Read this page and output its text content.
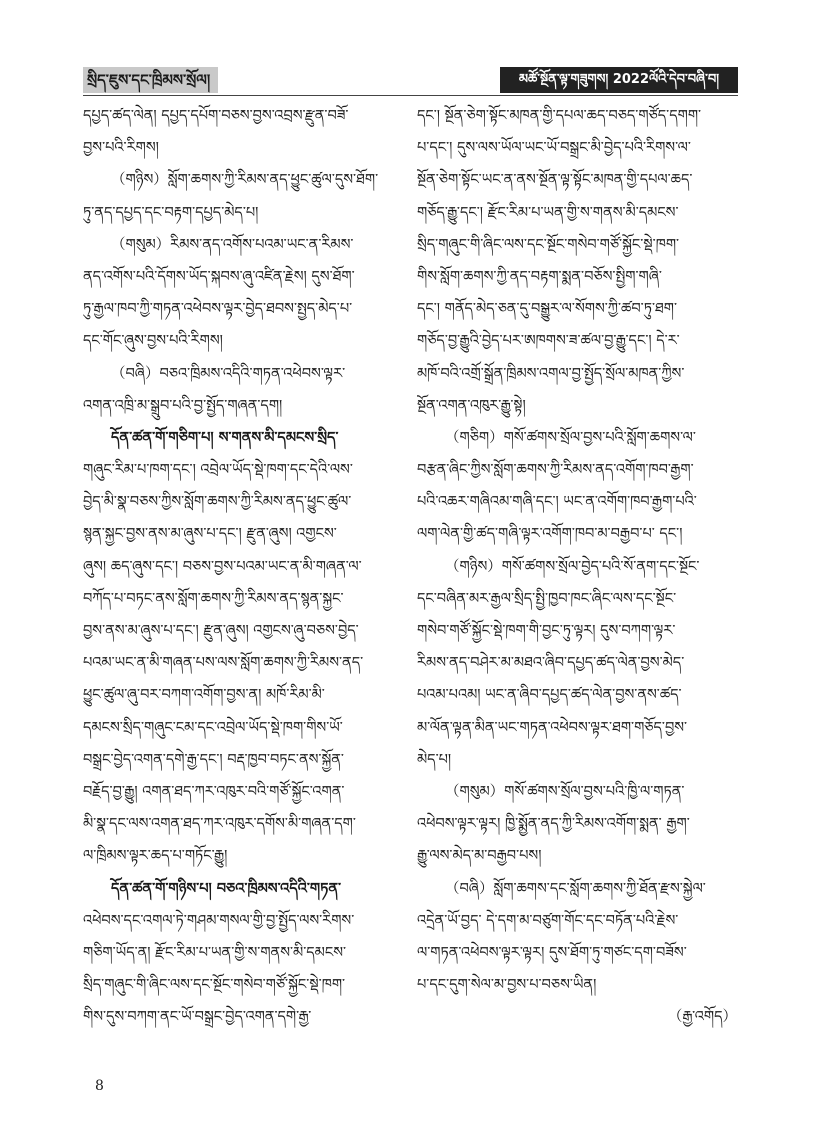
སྲིད་ཇུས་དང་ཁྲིམས་སྲོལ།	མཚོ་སྔོན་ལྟ་གཟུགས། 2022ལོའི་དེབ་བཞི་བ།
དཔྱད་ཚད་ལེན། དཔྱད་དཔོག་བཅས་བྱས་འབྲས་རྫུན་བཟོ་
བྱས་པའི་རིགས།
（གཉིས）སློག་ཆགས་ཀྱི་རིམས་ནད་ཕྱུང་ཚུལ་དུས་ཐོག་
ཏུ་ནད་དཔྱད་དང་བརྟག་དཔྱད་མེད་པ།
（གསུམ）རིམས་ནད་འགོས་པའམ་ཡང་ན་རིམས་
ནད་འགོས་པའི་དོགས་ཡོད་སྐབས་ཞུ་འཛིན་རྗེས། དུས་ཐོག་
ཏུ་རྒྱལ་ཁབ་ཀྱི་གཏན་འཕེབས་ལྟར་བྱེད་ཐབས་སྤྱད་མེད་པ་
དང་གོང་ཞུས་བྱས་པའི་རིགས།
（བཞི）བཅའ་ཁྲིམས་འདིའི་གཏན་འཕེབས་ལྟར་
འགན་འཁྲི་མ་སྒྲུབ་པའི་བྱ་སྤྱོད་གཞན་དག།
དོན་ཚན་གོ་གཅིག་པ། ས་གནས་མི་དམངས་སྲིད་
གཞུང་རིམ་པ་ཁག་དང་། འབྲེལ་ཡོད་སྡེ་ཁག་དང་དེའི་ལས་
བྱེད་མི་སྣ་བཅས་ཀྱིས་སློག་ཆགས་ཀྱི་རིམས་ནད་ཕྱུང་ཚུལ་
སྙན་སྐྱང་བྱས་ནས་མ་ཞུས་པ་དང་། རྫུན་ཞུས། འགྱངས་
ཞུས། ཆད་ཞུས་དང་། བཅས་བྱས་པའམ་ཡང་ན་མི་གཞན་ལ་
བཀོད་པ་བཏང་ནས་སློག་ཆགས་ཀྱི་རིམས་ནད་སྙན་སྐྱང་
བྱས་ནས་མ་ཞུས་པ་དང་། རྫུན་ཞུས། འགྱངས་ཞུ་བཅས་བྱེད་
པའམ་ཡང་ན་མི་གཞན་པས་ལས་སློག་ཆགས་ཀྱི་རིམས་ནད་
ཕྱུང་ཚུལ་ཞུ་བར་བཀག་འགོག་བྱས་ན། མཁོ་རིམ་མི་
དམངས་སྲིད་གཞུང་ངམ་དང་འབྲེལ་ཡོད་སྡེ་ཁག་གིས་ཡོ་
བསྒྲང་བྱེད་འགན་དགེ་རྒྱ་དང་། བརྡ་ཁྱབ་བཏང་ནས་སྐྱོན་
བརྗོད་བྱ་རྒྱུ། འགན་ཐད་ཀར་འཁུར་བའི་གཙོ་སྐྱོང་འགན་
མི་སྣ་དང་ལས་འགན་ཐད་ཀར་འཁུར་དགོས་མི་གཞན་དག་
ལ་ཁྲིམས་ལྟར་ཆད་པ་གཏོང་རྒྱུ།
དོན་ཚན་གོ་གཉིས་པ། བཅའ་ཁྲིམས་འདིའི་གཏན་
འཕེབས་དང་འགལ་ཏེ་གཤམ་གསལ་གྱི་བྱ་སྤྱོད་ལས་རིགས་
གཅིག་ཡོད་ན། རྫོང་རིམ་པ་ཡན་གྱི་ས་གནས་མི་དམངས་
སྲིད་གཞུང་གི་ཞིང་ལས་དང་སྔོང་གསེབ་གཙོ་སྐྱོང་སྡེ་ཁག་
གིས་དུས་བཀག་ནང་ཡོ་བསྒྲང་བྱེད་འགན་དགེ་རྒྱ་
དང་། སྔོན་ཅེག་སྟོང་མཁན་གྱི་དཔལ་ཆད་བཅད་གཙོད་དགག་
པ་དང་། དུས་ལས་ཡོལ་ཡང་ཡོ་བསྒྲང་མི་བྱེད་པའི་རིགས་ལ་
སྔོན་ཅེག་སྟོང་ཡང་ན་ནས་སྔོན་ལྟ་སྟོང་མཁན་གྱི་དཔལ་ཆད་
གཅོད་རྒྱུ་དང་། རྫོང་རིམ་པ་ཡན་གྱི་ས་གནས་མི་དམངས་
སྲིད་གཞུང་གི་ཞིང་ལས་དང་སྔོང་གསེབ་གཙོ་སྐྱོང་སྡེ་ཁག་
གིས་སློག་ཆགས་ཀྱི་ནད་བརྟག་སྨན་བཅོས་སྤྱིག་གཞི་
དང་། གནོད་མེད་ཅན་དུ་བསྒྱུར་ལ་སོགས་ཀྱི་ཚབ་ཏུ་ཐག་
གཅོད་བྱ་རྒྱུའི་བྱེད་པར་ཨཁགས་ཟ་ཚལ་བྱ་རྒྱུ་དང་། དེ་ར་
མཁོ་བའི་འགྲོ་སྒྲོན་ཁྲིམས་འགལ་བྱ་སྤྱོད་སྲོལ་མཁན་ཀྱིས་
སྔོན་འགན་འཁུར་རྒྱུ་སྟེ།
（གཅིག）གསོ་ཚགས་སྲོལ་བྱས་པའི་སློག་ཆགས་ལ་
བརྩན་ཞིང་ཀྱིས་སློག་ཆགས་ཀྱི་རིམས་ནད་འགོག་ཁབ་རྒྱག་
པའི་འཆར་གཞིའམ་གཞི་དང་། ཡང་ན་འགོག་ཁབ་རྒྱག་པའི་
ལག་ལེན་གྱི་ཚད་གཞི་ལྟར་འགོག་ཁབ་མ་བརྒྱབ་པ་ དང་།
（གཉིས）གསོ་ཚགས་སྲོལ་བྱེད་པའི་སོ་ནག་དང་སྔོང་
དང་བཞིན་མར་རྒྱལ་སྲིད་སྤྱི་ཁྱབ་ཁང་ཞིང་ལས་དང་སྔོང་
གསེབ་གཙོ་སྐྱོང་སྡེ་ཁག་གི་བྱང་ཏུ་ལྟར། དུས་བཀག་ལྟར་
རིམས་ནད་བཤེར་མ་མཐའ་ཞིབ་དཔྱད་ཚད་ལེན་བྱས་མེད་
པའམ་པའམ། ཡང་ན་ཞིབ་དཔྱད་ཚད་ལེན་བྱས་ནས་ཚད་
མ་ལོན་ལྟན་མིན་ཡང་གཏན་འཕེབས་ལྟར་ཐག་གཅོད་བྱས་
མེད་པ།
（གསུམ）གསོ་ཚགས་སྲོལ་བྱས་པའི་ཁྱི་ལ་གཏན་
འཕེབས་ལྟར་ལྟར། ཁྱི་སྨྱོན་ནད་ཀྱི་རིམས་འགོག་སྨན་ རྒྱག་
རྒྱུ་ལས་མེད་མ་བརྒྱབ་པས།
（བཞི）སློག་ཆགས་དང་སློག་ཆགས་ཀྱི་ཐོན་རྫས་སྐྱེལ་
འདྲེན་ཡོ་བྱད་ དེ་དག་མ་བཙུག་གོང་དང་བཏོན་པའི་རྗེས་
ལ་གཏན་འཕེབས་ལྟར་ལྟར། དུས་ཐོག་ཏུ་གཙང་དག་བཟོས་
པ་དང་དུག་སེལ་མ་བྱས་པ་བཅས་ཡིན།
（རྒྱ་འགོད）
8
